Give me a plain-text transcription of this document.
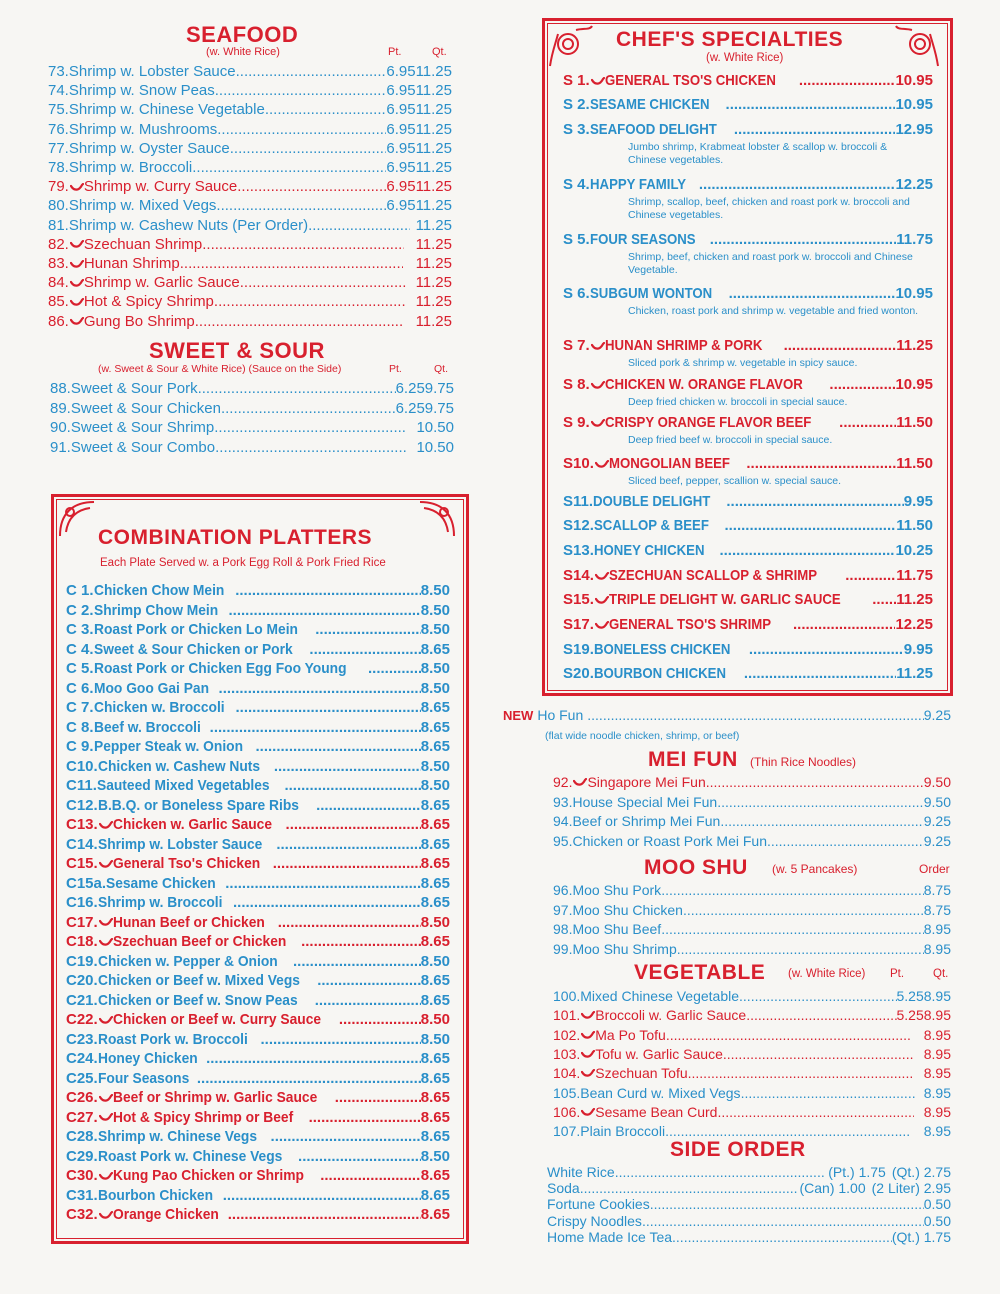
SEAFOOD
(w. White Rice)	Pt.	Qt.
73. Shrimp w. Lobster Sauce .....	6.95 11.25
74. Shrimp w. Snow Peas .....	6.95 11.25
75. Shrimp w. Chinese Vegetable .....	6.95 11.25
76. Shrimp w. Mushrooms .....	6.95 11.25
77. Shrimp w. Oyster Sauce .....	6.95 11.25
78. Shrimp w. Broccoli .....	6.95 11.25
79.	Shrimp w. Curry Sauce .....	6.95 11.25
80. Shrimp w. Mixed Vegs .....	6.95 11.25
81. Shrimp w. Cashew Nuts (Per Order) .....	11.25
82.	Szechuan Shrimp .....	11.25
83.	Hunan Shrimp .....	11.25
84.	Shrimp w. Garlic Sauce .....	11.25
85.	Hot & Spicy Shrimp .....	11.25
86.	Gung Bo Shrimp .....	11.25
SWEET & SOUR
(w. Sweet & Sour & White Rice) (Sauce on the Side)	Pt.	Qt.
88. Sweet & Sour Pork .....	6.25 9.75
89. Sweet & Sour Chicken .....	6.25 9.75
90. Sweet & Sour Shrimp .....	10.50
91. Sweet & Sour Combo .....	10.50
COMBINATION PLATTERS
Each Plate Served w. a Pork Egg Roll & Pork Fried Rice
C 1. Chicken Chow Mein .....	8.50
C 2. Shrimp Chow Mein .....	8.50
C 3. Roast Pork or Chicken Lo Mein .....	8.50
C 4. Sweet & Sour Chicken or Pork .....	8.65
C 5. Roast Pork or Chicken Egg Foo Young .....	8.50
C 6. Moo Goo Gai Pan .....	8.50
C 7. Chicken w. Broccoli .....	8.65
C 8. Beef w. Broccoli .....	8.65
C 9. Pepper Steak w. Onion .....	8.65
C10. Chicken w. Cashew Nuts .....	8.50
C11. Sauteed Mixed Vegetables .....	8.50
C12. B.B.Q. or Boneless Spare Ribs .....	8.65
C13.	Chicken w. Garlic Sauce .....	8.65
C14. Shrimp w. Lobster Sauce .....	8.65
C15.	General Tso's Chicken .....	8.65
C15a. Sesame Chicken .....	8.65
C16. Shrimp w. Broccoli .....	8.65
C17.	Hunan Beef or Chicken .....	8.50
C18.	Szechuan Beef or Chicken .....	8.65
C19. Chicken w. Pepper & Onion .....	8.50
C20. Chicken or Beef w. Mixed Vegs .....	8.65
C21. Chicken or Beef w. Snow Peas .....	8.65
C22.	Chicken or Beef w. Curry Sauce .....	8.50
C23. Roast Pork w. Broccoli .....	8.50
C24. Honey Chicken .....	8.65
C25. Four Seasons .....	8.65
C26.	Beef or Shrimp w. Garlic Sauce .....	8.65
C27.	Hot & Spicy Shrimp or Beef .....	8.65
C28. Shrimp w. Chinese Vegs .....	8.65
C29. Roast Pork w. Chinese Vegs .....	8.50
C30.	Kung Pao Chicken or Shrimp .....	8.65
C31. Bourbon Chicken .....	8.65
C32.	Orange Chicken .....	8.65
CHEF'S SPECIALTIES
(w. White Rice)
S 1.	GENERAL TSO'S CHICKEN .....	10.95
S 2. SESAME CHICKEN .....	10.95
S 3. SEAFOOD DELIGHT .....	12.95
Jumbo shrimp, Krabmeat lobster & scallop w. broccoli & Chinese vegetables.
S 4. HAPPY FAMILY .....	12.25
Shrimp, scallop, beef, chicken and roast pork w. broccoli and Chinese vegetables.
S 5. FOUR SEASONS .....	11.75
Shrimp, beef, chicken and roast pork w. broccoli and Chinese Vegetable.
S 6. SUBGUM WONTON .....	10.95
Chicken, roast pork and shrimp w. vegetable and fried wonton.
S 7.	HUNAN SHRIMP & PORK .....	11.25
Sliced pork & shrimp w. vegetable in spicy sauce.
S 8.	CHICKEN W. ORANGE FLAVOR .....	10.95
Deep fried chicken w. broccoli in special sauce.
S 9.	CRISPY ORANGE FLAVOR BEEF .....	11.50
Deep fried beef w. broccoli in special sauce.
S10.	MONGOLIAN BEEF .....	11.50
Sliced beef, pepper, scallion w. special sauce.
S11. DOUBLE DELIGHT .....	9.95
S12. SCALLOP & BEEF .....	11.50
S13. HONEY CHICKEN .....	10.25
S14.	SZECHUAN SCALLOP & SHRIMP .....	11.75
S15.	TRIPLE DELIGHT W. GARLIC SAUCE .....	11.25
S17.	GENERAL TSO'S SHRIMP .....	12.25
S19. BONELESS CHICKEN .....	9.95
S20. BOURBON CHICKEN .....	11.25
NEW Ho Fun .....	9.25
(flat wide noodle chicken, shrimp, or beef)
MEI FUN (Thin Rice Noodles)
92.	Singapore Mei Fun .....	9.50
93. House Special Mei Fun .....	9.50
94. Beef or Shrimp Mei Fun .....	9.25
95. Chicken or Roast Pork Mei Fun .....	9.25
MOO SHU (w. 5 Pancakes)	Order
96. Moo Shu Pork .....	8.75
97. Moo Shu Chicken .....	8.75
98. Moo Shu Beef .....	8.95
99. Moo Shu Shrimp .....	8.95
VEGETABLE (w. White Rice) Pt.	Qt.
100. Mixed Chinese Vegetable .....	5.25 8.95
101.	Broccoli w. Garlic Sauce .....	5.25 8.95
102.	Ma Po Tofu .....	8.95
103.	Tofu w. Garlic Sauce .....	8.95
104.	Szechuan Tofu .....	8.95
105. Bean Curd w. Mixed Vegs .....	8.95
106.	Sesame Bean Curd .....	8.95
107. Plain Broccoli .....	8.95
SIDE ORDER
White Rice .....	(Pt.) 1.75 (Qt.) 2.75
Soda .....	(Can) 1.00 (2 Liter) 2.95
Fortune Cookies .....	0.50
Crispy Noodles .....	0.50
Home Made Ice Tea .....	(Qt.) 1.75
